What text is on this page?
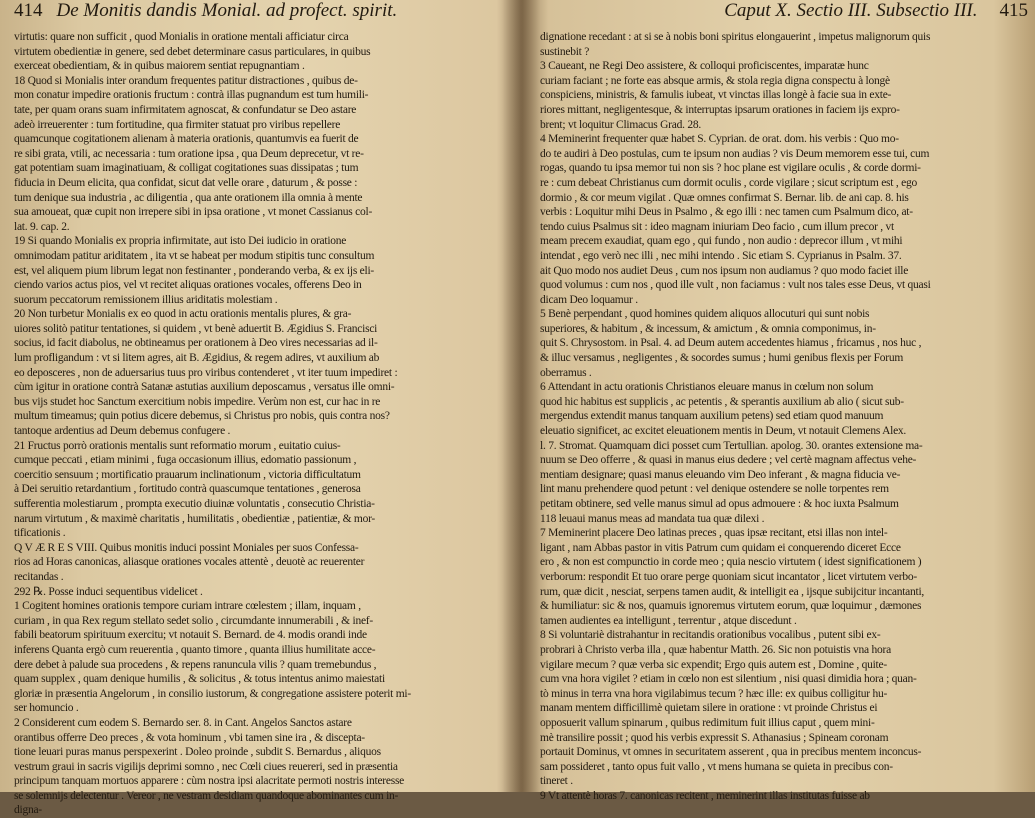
414 De Monitis dandis Monial. ad profect. spirit.
virtutis: quare non sufficit , quod Monialis in oratione mentali afficiatur circa
virtutem obedientiæ in genere, sed debet determinare casus particulares, in quibus
exerceat obedientiam, & in quibus maiorem sentiat repugnantiam .
18 Quod si Monialis inter orandum frequentes patitur distractiones , quibus de-
mon conatur impedire orationis fructum : contrà illas pugnandum est tum humili-
tate, per quam orans suam infirmitatem agnoscat, & confundatur se Deo astare
adeò irreuerenter : tum fortitudine, qua firmiter statuat pro viribus repellere
quamcunque cogitationem alienam à materia orationis, quantumvis ea fuerit de
re sibi grata, vtili, ac necessaria : tum oratione ipsa , qua Deum deprecetur, vt re-
gat potentiam suam imaginatiuam, & colligat cogitationes suas dissipatas ; tum
fiducia in Deum elicita, qua confidat, sicut dat velle orare , daturum , & posse :
tum denique sua industria , ac diligentia , qua ante orationem illa omnia à mente
sua amoueat, quæ cupit non irrepere sibi in ipsa oratione , vt monet Cassianus col-
lat. 9. cap. 2.
19 Si quando Monialis ex propria infirmitate, aut isto Dei iudicio in oratione
omnimodam patitur ariditatem , ita vt se habeat per modum stipitis tunc consultum
est, vel aliquem pium librum legat non festinanter , ponderando verba, & ex ijs eli-
ciendo varios actus pios, vel vt recitet aliquas orationes vocales, offerens Deo in
suorum peccatorum remissionem illius ariditatis molestiam .
20 Non turbetur Monialis ex eo quod in actu orationis mentalis plures, & gra-
uiores solitò patitur tentationes, si quidem , vt benè aduertit B. Ægidius S. Francisci
socius, id facit diabolus, ne obtineamus per orationem à Deo vires necessarias ad il-
lum profligandum : vt si litem agres, ait B. Ægidius, & regem adires, vt auxilium ab
eo deposceres , non de aduersarius tuus pro viribus contenderet , vt iter tuum impediret :
cùm igitur in oratione contrà Satanæ astutias auxilium deposcamus , versatus ille omni-
bus vijs studet hoc Sanctum exercitium nobis impedire. Verùm non est, cur hac in re
multum timeamus; quin potius dicere debemus, si Christus pro nobis, quis contra nos?
tantoque ardentius ad Deum debemus confugere .
21 Fructus porrò orationis mentalis sunt reformatio morum , euitatio cuius-
cumque peccati , etiam minimi , fuga occasionum illius, edomatio passionum ,
coercitio sensuum ; mortificatio prauarum inclinationum , victoria difficultatum
à Dei seruitio retardantium , fortitudo contrà quascumque tentationes , generosa
sufferentia molestiarum , prompta executio diuinæ voluntatis , consecutio Christia-
narum virtutum , & maximè charitatis , humilitatis , obedientiæ , patientiæ, & mor-
tificationis .
Q V Æ R E S VIII. Quibus monitis induci possint Moniales per suos Confessa-
rios ad Horas canonicas, aliasque orationes vocales attentè , deuotè ac reuerenter
recitandas .
292 ℞. Posse induci sequentibus videlicet .
1 Cogitent homines orationis tempore curiam intrare cœlestem ; illam, inquam ,
curiam , in qua Rex regum stellato sedet solio , circumdante innumerabili , & inef-
fabili beatorum spirituum exercitu; vt notauit S. Bernard. de 4. modis orandi inde
inferens Quanta ergò cum reuerentia , quanto timore , quanta illius humilitate acce-
dere debet à palude sua procedens , & repens ranuncula vilis ? quam tremebundus ,
quam supplex , quam denique humilis , & solicitus , & totus intentus animo maiestati
gloriæ in præsentia Angelorum , in consilio iustorum, & congregatione assistere poterit mi-
ser homuncio .
2 Considerent cum eodem S. Bernardo ser. 8. in Cant. Angelos Sanctos astare
orantibus offerre Deo preces , & vota hominum , vbi tamen sine ira , & discepta-
tione leuari puras manus perspexerint . Doleo proinde , subdit S. Bernardus , aliquos
vestrum graui in sacris vigilijs deprimi somno , nec Cœli ciues reuereri, sed in præsentia
principum tanquam mortuos apparere : cùm nostra ipsi alacritate permoti nostris interesse
se solemnijs delectentur . Vereor , ne vestram desidiam quandoque abominantes cum in-
digna-
Caput X. Sectio III. Subsectio III. 415
dignatione recedant : at si se à nobis boni spiritus elongauerint , impetus malignorum quis
sustinebit ?
3 Caueant, ne Regi Deo assistere, & colloqui proficiscentes, imparatæ hunc
curiam faciant ; ne forte eas absque armis, & stola regia digna conspectu à longè
conspiciens, ministris, & famulis iubeat, vt vinctas illas longè à facie sua in exte-
riores mittant, negligentesque, & interruptas ipsarum orationes in faciem ijs expro-
brent; vt loquitur Climacus Grad. 28.
4 Meminerint frequenter quæ habet S. Cyprian. de orat. dom. his verbis : Quo mo-
do te audiri à Deo postulas, cum te ipsum non audias ? vis Deum memorem esse tui, cum
rogas, quando tu ipsa memor tui non sis ? hoc plane est vigilare oculis , & corde dormi-
re : cum debeat Christianus cum dormit oculis , corde vigilare ; sicut scriptum est , ego
dormio , & cor meum vigilat . Quæ omnes confirmat S. Bernar. lib. de ani cap. 8. his
verbis : Loquitur mihi Deus in Psalmo , & ego illi : nec tamen cum Psalmum dico, at-
tendo cuius Psalmus sit : ideo magnam iniuriam Deo facio , cum illum precor , vt
meam precem exaudiat, quam ego , qui fundo , non audio : deprecor illum , vt mihi
intendat , ego verò nec illi , nec mihi intendo . Sic etiam S. Cyprianus in Psalm. 37.
ait Quo modo nos audiet Deus , cum nos ipsum non audiamus ? quo modo faciet ille
quod volumus : cum nos , quod ille vult , non faciamus : vult nos tales esse Deus, vt quasi
dicam Deo loquamur .
5 Benè perpendant , quod homines quidem aliquos allocuturi qui sunt nobis
superiores, & habitum , & incessum, & amictum , & omnia componimus, in-
quit S. Chrysostom. in Psal. 4. ad Deum autem accedentes hiamus , fricamus , nos huc ,
& illuc versamus , negligentes , & socordes sumus ; humi genibus flexis per Forum
oberramus .
6 Attendant in actu orationis Christianos eleuare manus in cœlum non solum
quod hic habitus est supplicis , ac petentis , & sperantis auxilium ab alio ( sicut sub-
mergendus extendit manus tanquam auxilium petens) sed etiam quod manuum
eleuatio significet, ac excitet eleuationem mentis in Deum, vt notauit Clemens Alex.
l. 7. Stromat. Quamquam dici posset cum Tertullian. apolog. 30. orantes extensione ma-
nuum se Deo offerre , & quasi in manus eius dedere ; vel certè magnam affectus vehe-
mentiam designare; quasi manus eleuando vim Deo inferant , & magna fiducia ve-
lint manu prehendere quod petunt : vel denique ostendere se nolle torpentes rem
petitam obtinere, sed velle manus simul ad opus admouere : & hoc iuxta Psalmum
118 leuaui manus meas ad mandata tua quæ dilexi .
7 Meminerint placere Deo latinas preces , quas ipsæ recitant, etsi illas non intel-
ligant , nam Abbas pastor in vitis Patrum cum quidam ei conquerendo diceret Ecce
ero , & non est compunctio in corde meo ; quia nescio virtutem ( idest significationem )
verborum: respondit Et tuo orare perge quoniam sicut incantator , licet virtutem verbo-
rum, quæ dicit , nesciat, serpens tamen audit, & intelligit ea , ijsque subijcitur incantanti,
& humiliatur: sic & nos, quamuis ignoremus virtutem eorum, quæ loquimur , dæmones
tamen audientes ea intelligunt , terrentur , atque discedunt .
8 Si voluntariè distrahantur in recitandis orationibus vocalibus , putent sibi ex-
probrari à Christo verba illa , quæ habentur Matth. 26. Sic non potuistis vna hora
vigilare mecum ? quæ verba sic expendit; Ergo quis autem est , Domine , quite-
cum vna hora vigilet ? etiam in cœlo non est silentium , nisi quasi dimidia hora ; quan-
tò minus in terra vna hora vigilabimus tecum ? hæc ille: ex quibus colligitur hu-
manam mentem difficillimè quietam silere in oratione : vt proinde Christus ei
opposuerit vallum spinarum , quibus redimitum fuit illius caput , quem mini-
mè transilire possit ; quod his verbis expressit S. Athanasius ; Spineam coronam
portauit Dominus, vt omnes in securitatem asserent , qua in precibus mentem inconcus-
sam possideret , tanto opus fuit vallo , vt mens humana se quieta in precibus con-
tineret .
9 Vt attentè horas 7. canonicas recitent , meminerint illas institutas fuisse ab
